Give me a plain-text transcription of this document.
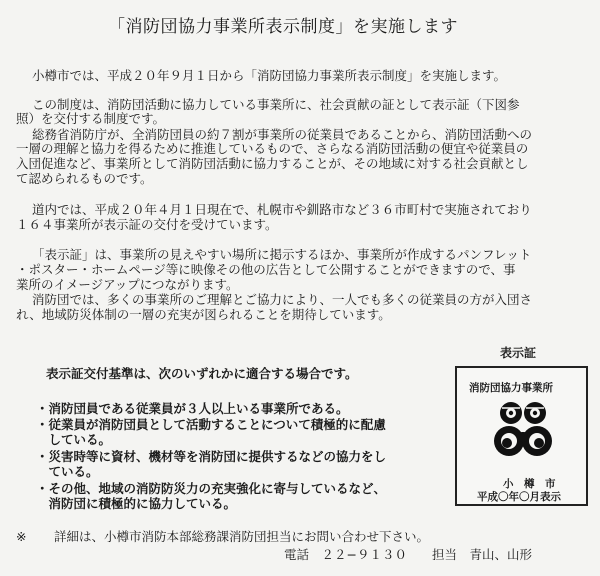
「消防団協力事業所表示制度」を実施します
小樽市では、平成２０年９月１日から「消防団協力事業所表示制度」を実施します。
この制度は、消防団活動に協力している事業所に、社会貢献の証として表示証（下図参
照）を交付する制度です。
総務省消防庁が、全消防団員の約７割が事業所の従業員であることから、消防団活動への
一層の理解と協力を得るために推進しているもので、さらなる消防団活動の便宜や従業員の
入団促進など、事業所として消防団活動に協力することが、その地域に対する社会貢献とし
て認められるものです。
道内では、平成２０年４月１日現在で、札幌市や釧路市など３６市町村で実施されており
１６４事業所が表示証の交付を受けています。
「表示証」は、事業所の見えやすい場所に掲示するほか、事業所が作成するパンフレット
・ポスター・ホームページ等に映像その他の広告として公開することができますので、事
業所のイメージアップにつながります。
消防団では、多くの事業所のご理解とご協力により、一人でも多くの従業員の方が入団さ
れ、地域防災体制の一層の充実が図られることを期待しています。
表示証交付基準は、次のいずれかに適合する場合です。
・消防団員である従業員が３人以上いる事業所である。
・従業員が消防団員として活動することについて積極的に配慮
　している。
・災害時等に資材、機材等を消防団に提供するなどの協力をし
　ている。
・その他、地域の消防防災力の充実強化に寄与しているなど、
　消防団に積極的に協力している。
表示証
消防団協力事業所
小　樽　市
平成〇年〇月表示
※ 詳細は、小樽市消防本部総務課消防団担当にお問い合わせ下さい。
電話　２２−９１３０　　担当　青山、山形
